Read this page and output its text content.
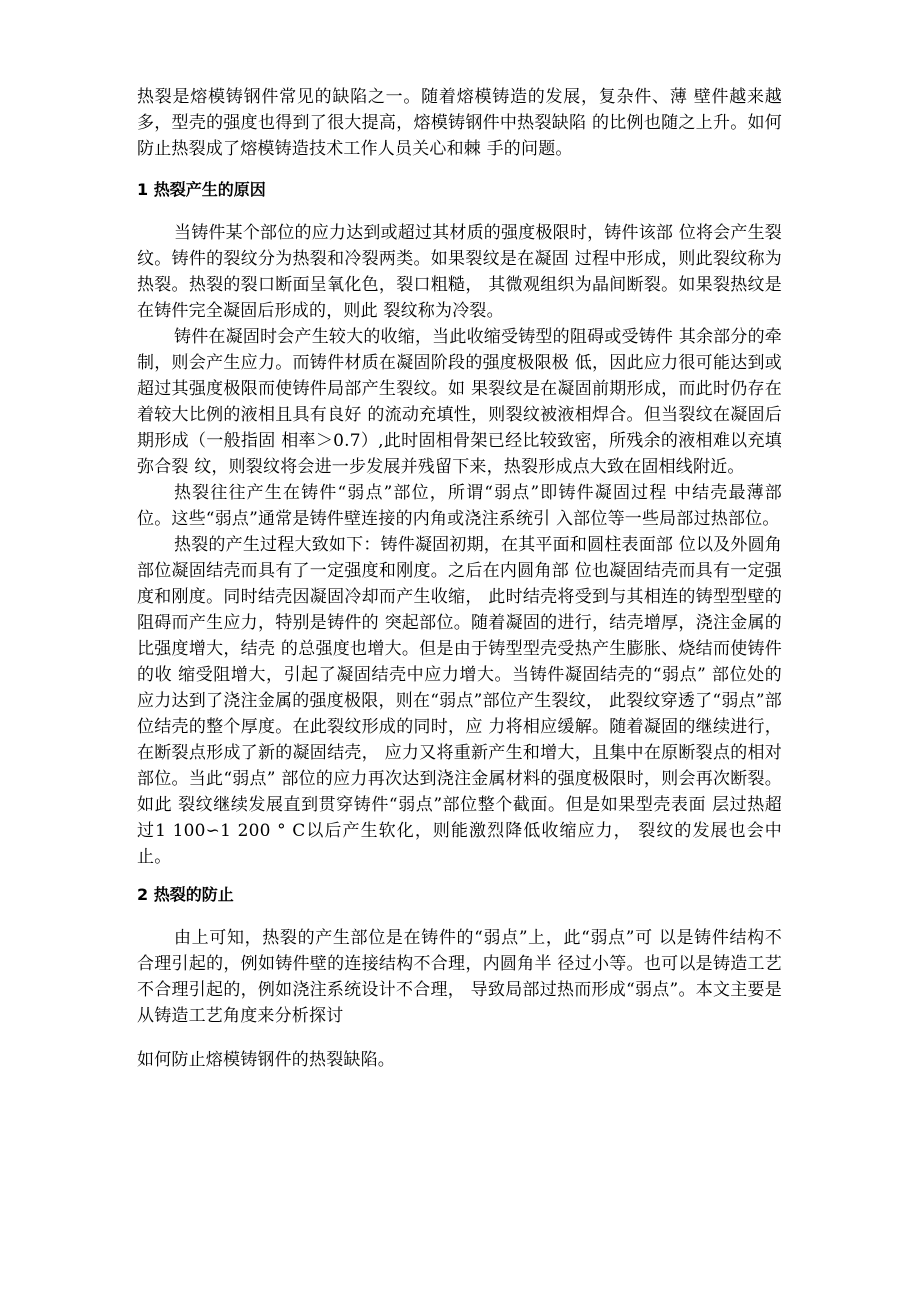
热裂是熔模铸钢件常见的缺陷之一。随着熔模铸造的发展，复杂件、薄 壁件越来越多，型壳的强度也得到了很大提高，熔模铸钢件中热裂缺陷 的比例也随之上升。如何防止热裂成了熔模铸造技术工作人员关心和棘 手的问题。

1 热裂产生的原因

当铸件某个部位的应力达到或超过其材质的强度极限时，铸件该部 位将会产生裂纹。铸件的裂纹分为热裂和冷裂两类。如果裂纹是在凝固 过程中形成，则此裂纹称为热裂。热裂的裂口断面呈氧化色，裂口粗糙， 其微观组织为晶间断裂。如果裂热纹是在铸件完全凝固后形成的，则此 裂纹称为冷裂。

铸件在凝固时会产生较大的收缩，当此收缩受铸型的阻碍或受铸件 其余部分的牵制，则会产生应力。而铸件材质在凝固阶段的强度极限极 低，因此应力很可能达到或超过其强度极限而使铸件局部产生裂纹。如 果裂纹是在凝固前期形成，而此时仍存在着较大比例的液相且具有良好 的流动充填性，则裂纹被液相焊合。但当裂纹在凝固后期形成（一般指固 相率＞0.7）,此时固相骨架已经比较致密，所残余的液相难以充填弥合裂 纹，则裂纹将会进一步发展并残留下来，热裂形成点大致在固相线附近。

热裂往往产生在铸件“弱点”部位，所谓“弱点”即铸件凝固过程 中结壳最薄部位。这些“弱点”通常是铸件壁连接的内角或浇注系统引 入部位等一些局部过热部位。

热裂的产生过程大致如下：铸件凝固初期，在其平面和圆柱表面部 位以及外圆角部位凝固结壳而具有了一定强度和刚度。之后在内圆角部 位也凝固结壳而具有一定强度和刚度。同时结壳因凝固冷却而产生收缩， 此时结壳将受到与其相连的铸型型壁的阻碍而产生应力，特别是铸件的 突起部位。随着凝固的进行，结壳增厚，浇注金属的比强度增大，结壳 的总强度也增大。但是由于铸型型壳受热产生膨胀、烧结而使铸件的收 缩受阻增大，引起了凝固结壳中应力增大。当铸件凝固结壳的“弱点” 部位处的应力达到了浇注金属的强度极限，则在“弱点”部位产生裂纹， 此裂纹穿透了“弱点”部位结壳的整个厚度。在此裂纹形成的同时，应 力将相应缓解。随着凝固的继续进行，在断裂点形成了新的凝固结壳， 应力又将重新产生和增大，且集中在原断裂点的相对部位。当此“弱点” 部位的应力再次达到浇注金属材料的强度极限时，则会再次断裂。如此 裂纹继续发展直到贯穿铸件“弱点”部位整个截面。但是如果型壳表面 层过热超过1 100∽1 200 ° C以后产生软化，则能激烈降低收缩应力， 裂纹的发展也会中止。

2 热裂的防止

由上可知，热裂的产生部位是在铸件的“弱点”上，此“弱点”可 以是铸件结构不合理引起的，例如铸件壁的连接结构不合理，内圆角半 径过小等。也可以是铸造工艺不合理引起的，例如浇注系统设计不合理， 导致局部过热而形成“弱点”。本文主要是从铸造工艺角度来分析探讨

如何防止熔模铸钢件的热裂缺陷。
